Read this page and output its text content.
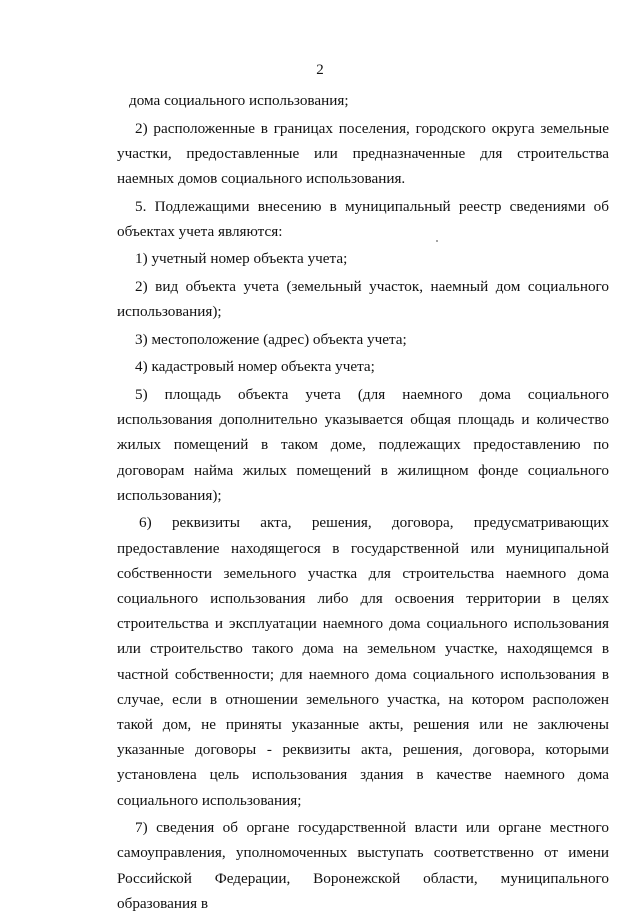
2

дома социального использования;

2) расположенные в границах поселения, городского округа земельные участки, предоставленные или предназначенные для строительства наемных домов социального использования.

5. Подлежащими внесению в муниципальный реестр сведениями об объектах учета являются:

1) учетный номер объекта учета;

2) вид объекта учета (земельный участок, наемный дом социального использования);

3) местоположение (адрес) объекта учета;

4) кадастровый номер объекта учета;

5) площадь объекта учета (для наемного дома социального использования дополнительно указывается общая площадь и количество жилых помещений в таком доме, подлежащих предоставлению по договорам найма жилых помещений в жилищном фонде социального использования);

6) реквизиты акта, решения, договора, предусматривающих предоставление находящегося в государственной или муниципальной собственности земельного участка для строительства наемного дома социального использования либо для освоения территории в целях строительства и эксплуатации наемного дома социального использования или строительство такого дома на земельном участке, находящемся в частной собственности; для наемного дома социального использования в случае, если в отношении земельного участка, на котором расположен такой дом, не приняты указанные акты, решения или не заключены указанные договоры - реквизиты акта, решения, договора, которыми установлена цель использования здания в качестве наемного дома социального использования;

7) сведения об органе государственной власти или органе местного самоуправления, уполномоченных выступать соответственно от имени Российской Федерации, Воронежской области, муниципального образования в
